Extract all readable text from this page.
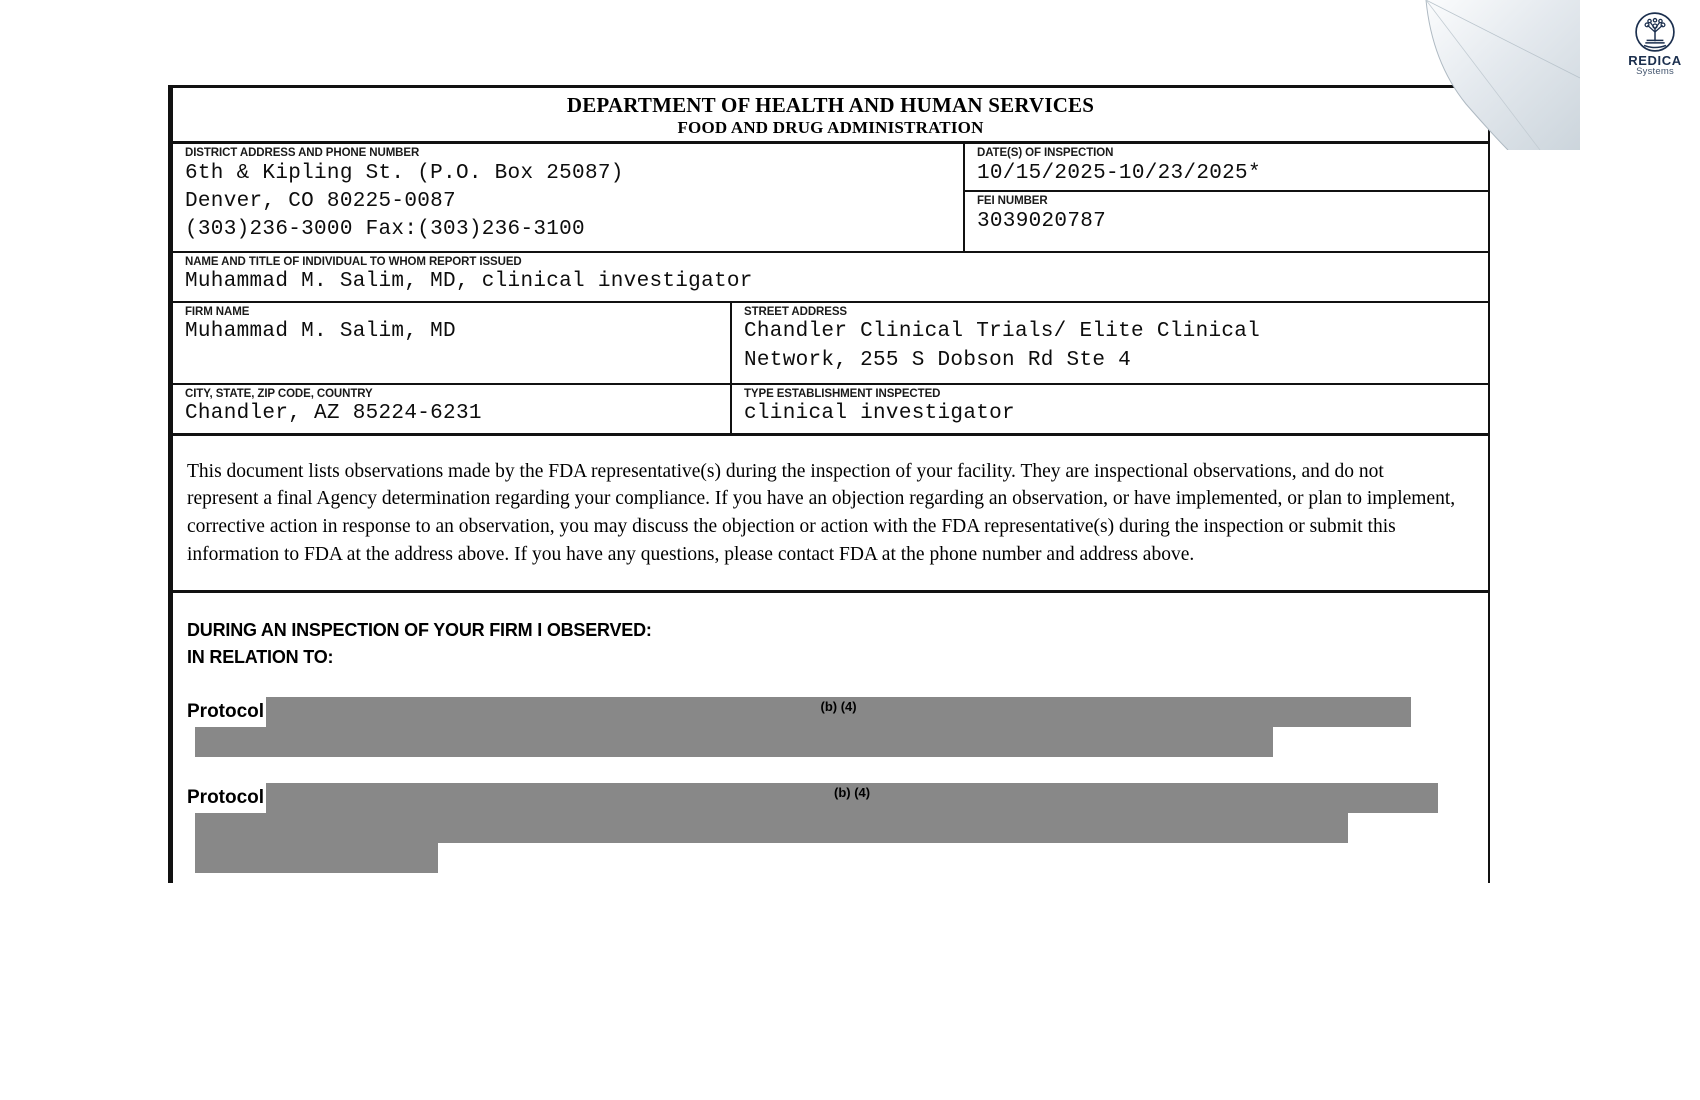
REDICA
Systems
DEPARTMENT OF HEALTH AND HUMAN SERVICES
FOOD AND DRUG ADMINISTRATION
DISTRICT ADDRESS AND PHONE NUMBER
6th & Kipling St. (P.O. Box 25087)
Denver, CO 80225-0087
(303)236-3000 Fax:(303)236-3100
DATE(S) OF INSPECTION
10/15/2025-10/23/2025*
FEI NUMBER
3039020787
NAME AND TITLE OF INDIVIDUAL TO WHOM REPORT ISSUED
Muhammad M. Salim, MD, clinical investigator
FIRM NAME
Muhammad M. Salim, MD
STREET ADDRESS
Chandler Clinical Trials/ Elite Clinical
Network, 255 S Dobson Rd Ste 4
CITY, STATE, ZIP CODE, COUNTRY
Chandler, AZ 85224-6231
TYPE ESTABLISHMENT INSPECTED
clinical investigator

This document lists observations made by the FDA representative(s) during the inspection of your facility. They are inspectional observations, and do not represent a final Agency determination regarding your compliance. If you have an objection regarding an observation, or have implemented, or plan to implement, corrective action in response to an observation, you may discuss the objection or action with the FDA representative(s) during the inspection or submit this information to FDA at the address above. If you have any questions, please contact FDA at the phone number and address above.

DURING AN INSPECTION OF YOUR FIRM I OBSERVED:
IN RELATION TO:
Protocol	(b) (4)
Protocol	(b) (4)
